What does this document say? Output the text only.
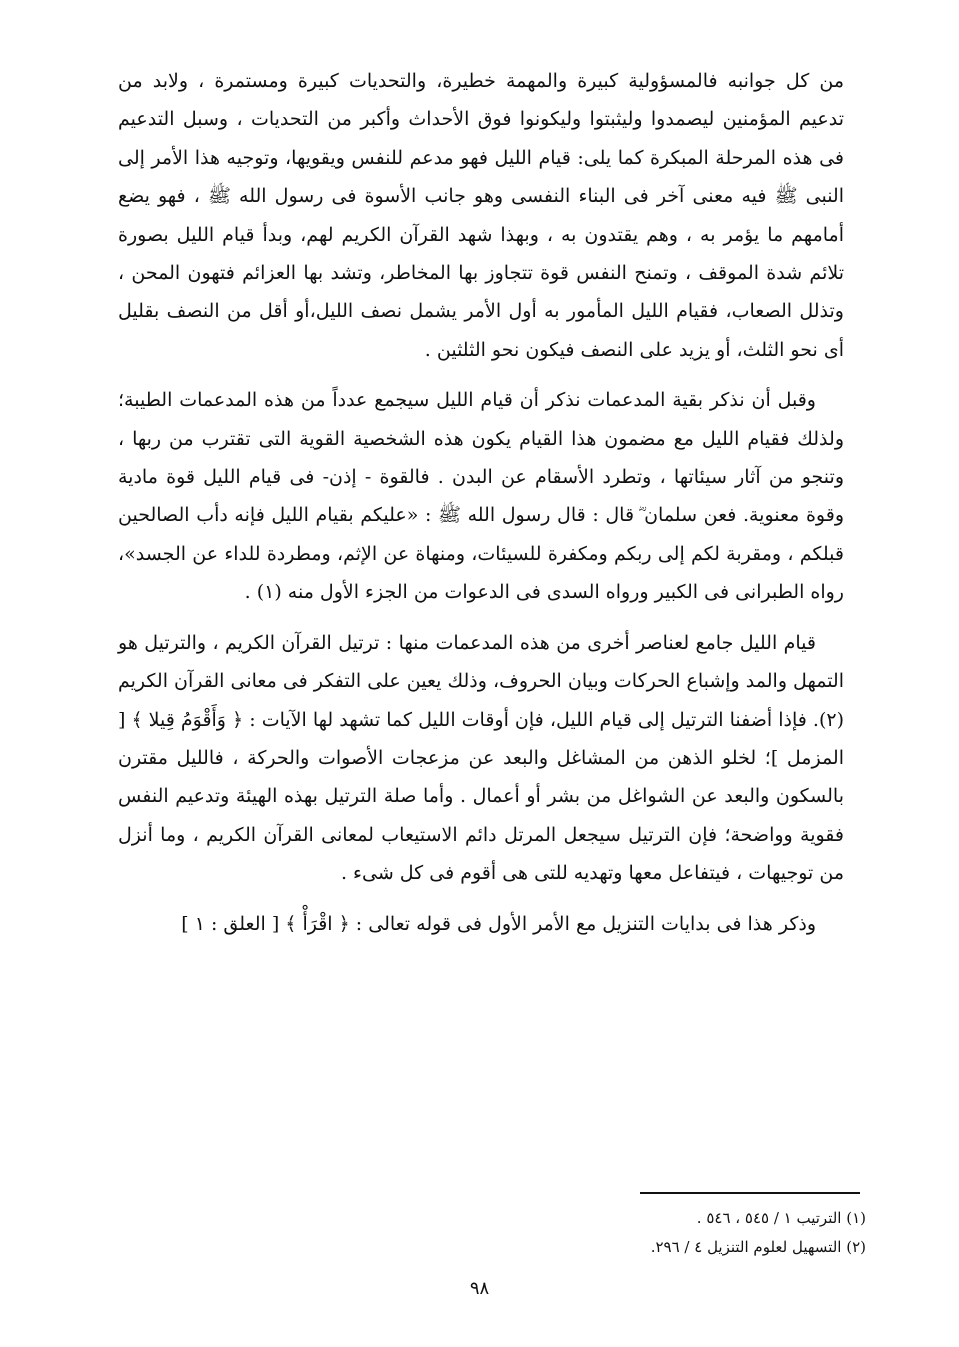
من كل جوانبه فالمسؤولية كبيرة والمهمة خطيرة، والتحديات كبيرة ومستمرة ، ولابد من تدعيم المؤمنين ليصمدوا وليثبتوا وليكونوا فوق الأحداث وأكبر من التحديات ، وسبل التدعيم فى هذه المرحلة المبكرة كما يلى: قيام الليل فهو مدعم للنفس ويقويها، وتوجيه هذا الأمر إلى النبى ﷺ فيه معنى آخر فى البناء النفسى وهو جانب الأسوة فى رسول الله ﷺ ، فهو يضع أمامهم ما يؤمر به ، وهم يقتدون به ، وبهذا شهد القرآن الكريم لهم، وبدأ قيام الليل بصورة تلائم شدة الموقف ، وتمنح النفس قوة تتجاوز بها المخاطر، وتشد بها العزائم فتهون المحن ، وتذلل الصعاب، فقيام الليل المأمور به أول الأمر يشمل نصف الليل،أو أقل من النصف بقليل أى نحو الثلث، أو يزيد على النصف فيكون نحو الثلثين .

وقبل أن نذكر بقية المدعمات نذكر أن قيام الليل سيجمع عدداً من هذه المدعمات الطيبة؛ولذلك فقيام الليل مع مضمون هذا القيام يكون هذه الشخصية القوية التى تقترب من ربها ، وتنجو من آثار سيئاتها ، وتطرد الأسقام عن البدن . فالقوة - إذن- فى قيام الليل قوة مادية وقوة معنوية. فعن سلمان ؓ قال : قال رسول الله ﷺ : «عليكم بقيام الليل فإنه دأب الصالحين قبلكم ، ومقربة لكم إلى ربكم ومكفرة للسيئات، ومنهاة عن الإثم، ومطردة للداء عن الجسد»، رواه الطبرانى فى الكبير ورواه السدى فى الدعوات من الجزء الأول منه (١) .

قيام الليل جامع لعناصر أخرى من هذه المدعمات منها : ترتيل القرآن الكريم ، والترتيل هو التمهل والمد وإشباع الحركات وبيان الحروف، وذلك يعين على التفكر فى معانى القرآن الكريم (٢). فإذا أضفنا الترتيل إلى قيام الليل، فإن أوقات الليل كما تشهد لها الآيات : ﴿ وَأَقْوَمُ قِيلا ﴾ [ المزمل ]؛ لخلو الذهن من المشاغل والبعد عن مزعجات الأصوات والحركة ، فالليل مقترن بالسكون والبعد عن الشواغل من بشر أو أعمال . وأما صلة الترتيل بهذه الهيئة وتدعيم النفس فقوية وواضحة؛ فإن الترتيل سيجعل المرتل دائم الاستيعاب لمعانى القرآن الكريم ، وما أنزل من توجيهات ، فيتفاعل معها وتهديه للتى هى أقوم فى كل شىء .

وذكر هذا فى بدايات التنزيل مع الأمر الأول فى قوله تعالى : ﴿ اقْرَأْ ﴾ [ العلق : ١ ]

(١) الترتيب ١ / ٥٤٥ ، ٥٤٦ .

(٢) التسهيل لعلوم التنزيل ٤ / ٢٩٦.

٩٨
